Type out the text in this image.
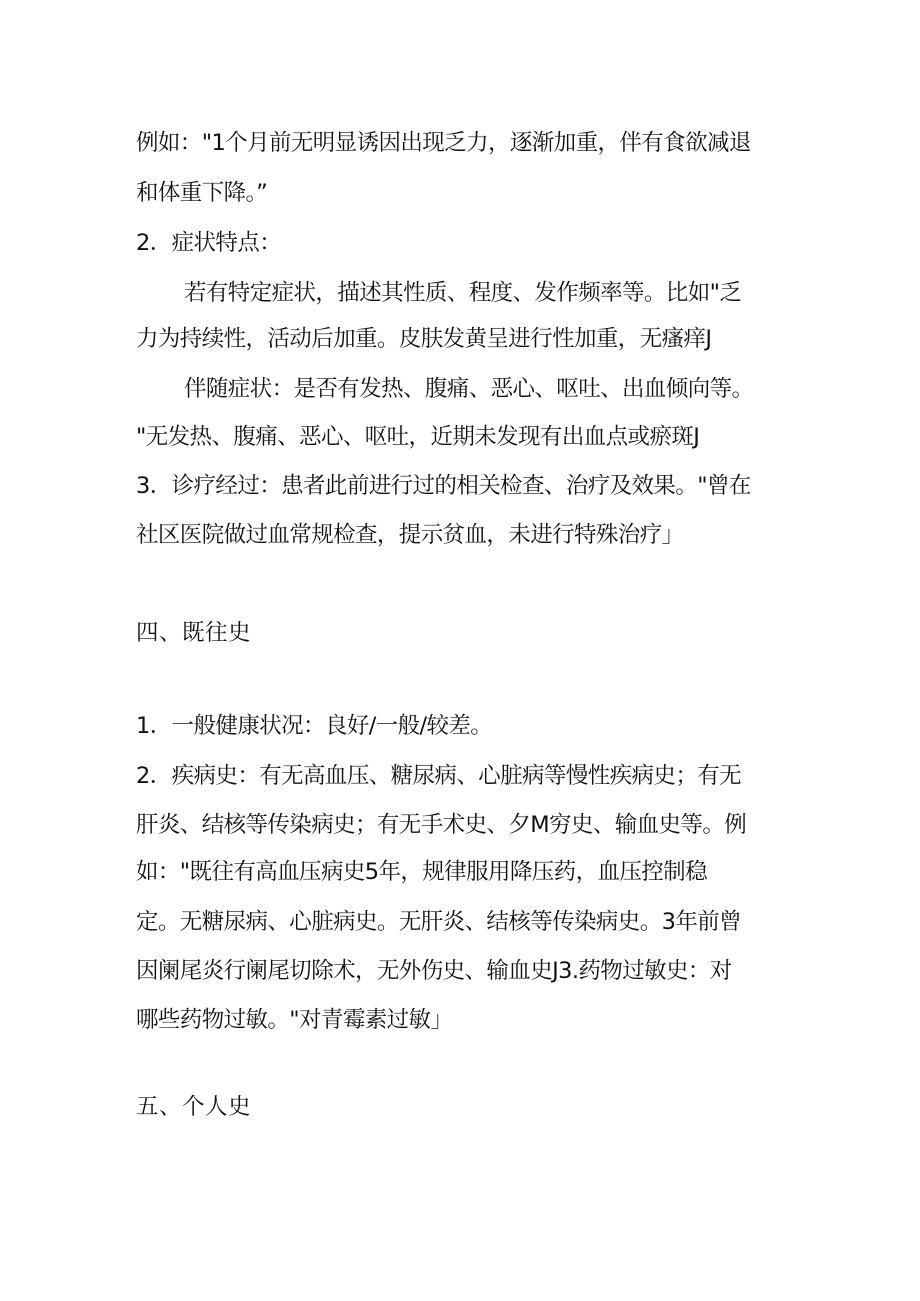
例如："1个月前无明显诱因出现乏力，逐渐加重，伴有食欲减退
和体重下降。”
2．症状特点：
若有特定症状，描述其性质、程度、发作频率等。比如"乏
力为持续性，活动后加重。皮肤发黄呈进行性加重，无瘙痒J
伴随症状：是否有发热、腹痛、恶心、呕吐、出血倾向等。
"无发热、腹痛、恶心、呕吐，近期未发现有出血点或瘀斑J
3．诊疗经过：患者此前进行过的相关检查、治疗及效果。"曾在
社区医院做过血常规检查，提示贫血，未进行特殊治疗」
四、既往史
1．一般健康状况：良好/一般/较差。
2．疾病史：有无高血压、糖尿病、心脏病等慢性疾病史；有无
肝炎、结核等传染病史；有无手术史、夕M穷史、输血史等。例
如："既往有高血压病史5年，规律服用降压药，血压控制稳
定。无糖尿病、心脏病史。无肝炎、结核等传染病史。3年前曾
因阑尾炎行阑尾切除术，无外伤史、输血史J3.药物过敏史：对
哪些药物过敏。"对青霉素过敏」
五、个人史
